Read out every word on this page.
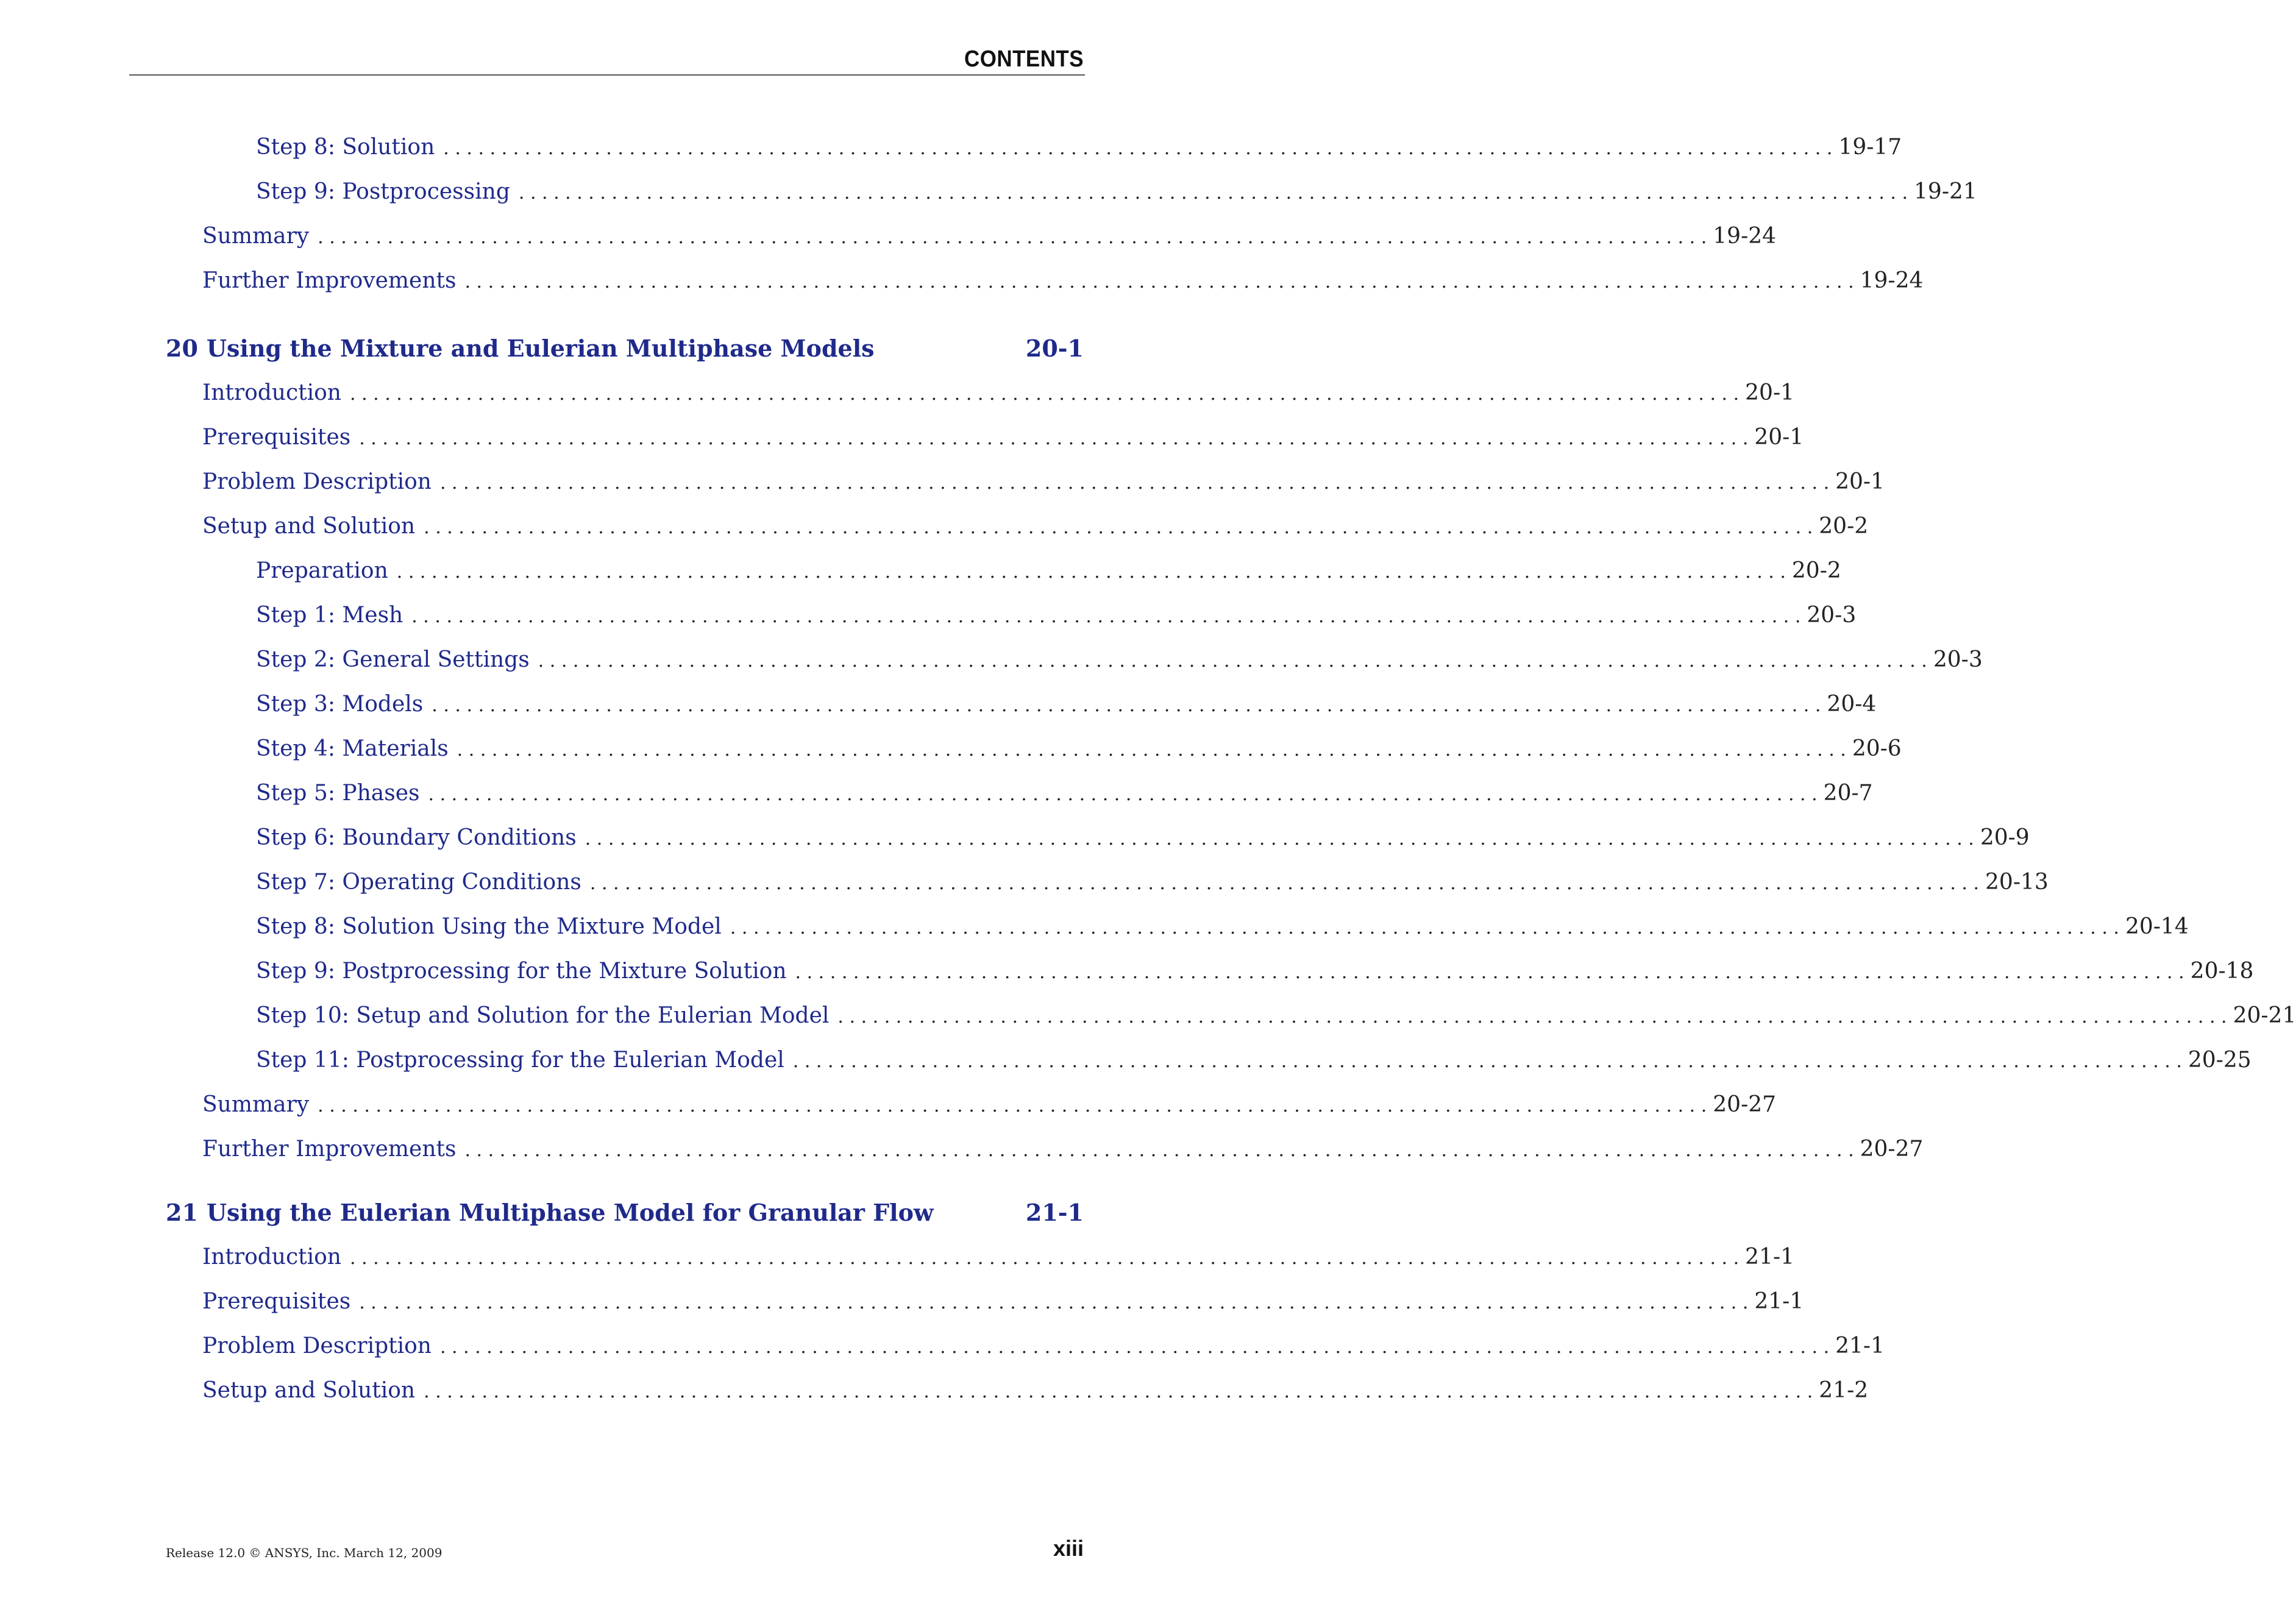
CONTENTS
Step 8: Solution . . . . . . . . . . . . . . . . . . . . . . . . . . . . . . . . . . . . . . . . . . . . . . . . . . . . . . . . . . . . . . . . . . . . . . . . . . . . . . . . . . . . . . . . . . . . . . . . . . . . . . . . . . . . . . . . . . . . . . . . 19-17
Step 9: Postprocessing . . . . . . . . . . . . . . . . . . . . . . . . . . . . . . . . . . . . . . . . . . . . . . . . . . . . . . . . . . . . . . . . . . . . . . . . . . . . . . . . . . . . . . . . . . . . . . . . . . . . . . . . . . . . . . . . . . . . . . . . 19-21
Summary . . . . . . . . . . . . . . . . . . . . . . . . . . . . . . . . . . . . . . . . . . . . . . . . . . . . . . . . . . . . . . . . . . . . . . . . . . . . . . . . . . . . . . . . . . . . . . . . . . . . . . . . . . . . . . . . . . . . . . . . 19-24
Further Improvements . . . . . . . . . . . . . . . . . . . . . . . . . . . . . . . . . . . . . . . . . . . . . . . . . . . . . . . . . . . . . . . . . . . . . . . . . . . . . . . . . . . . . . . . . . . . . . . . . . . . . . . . . . . . . . . . . . . . . . . . 19-24
20 Using the Mixture and Eulerian Multiphase Models	20-1
Introduction . . . . . . . . . . . . . . . . . . . . . . . . . . . . . . . . . . . . . . . . . . . . . . . . . . . . . . . . . . . . . . . . . . . . . . . . . . . . . . . . . . . . . . . . . . . . . . . . . . . . . . . . . . . . . . . . . . . . . . . . 20-1
Prerequisites . . . . . . . . . . . . . . . . . . . . . . . . . . . . . . . . . . . . . . . . . . . . . . . . . . . . . . . . . . . . . . . . . . . . . . . . . . . . . . . . . . . . . . . . . . . . . . . . . . . . . . . . . . . . . . . . . . . . . . . . 20-1
Problem Description . . . . . . . . . . . . . . . . . . . . . . . . . . . . . . . . . . . . . . . . . . . . . . . . . . . . . . . . . . . . . . . . . . . . . . . . . . . . . . . . . . . . . . . . . . . . . . . . . . . . . . . . . . . . . . . . . . . . . . . . 20-1
Setup and Solution . . . . . . . . . . . . . . . . . . . . . . . . . . . . . . . . . . . . . . . . . . . . . . . . . . . . . . . . . . . . . . . . . . . . . . . . . . . . . . . . . . . . . . . . . . . . . . . . . . . . . . . . . . . . . . . . . . . . . . . . 20-2
Preparation . . . . . . . . . . . . . . . . . . . . . . . . . . . . . . . . . . . . . . . . . . . . . . . . . . . . . . . . . . . . . . . . . . . . . . . . . . . . . . . . . . . . . . . . . . . . . . . . . . . . . . . . . . . . . . . . . . . . . . . . 20-2
Step 1: Mesh . . . . . . . . . . . . . . . . . . . . . . . . . . . . . . . . . . . . . . . . . . . . . . . . . . . . . . . . . . . . . . . . . . . . . . . . . . . . . . . . . . . . . . . . . . . . . . . . . . . . . . . . . . . . . . . . . . . . . . . . 20-3
Step 2: General Settings . . . . . . . . . . . . . . . . . . . . . . . . . . . . . . . . . . . . . . . . . . . . . . . . . . . . . . . . . . . . . . . . . . . . . . . . . . . . . . . . . . . . . . . . . . . . . . . . . . . . . . . . . . . . . . . . . . . . . . . . 20-3
Step 3: Models . . . . . . . . . . . . . . . . . . . . . . . . . . . . . . . . . . . . . . . . . . . . . . . . . . . . . . . . . . . . . . . . . . . . . . . . . . . . . . . . . . . . . . . . . . . . . . . . . . . . . . . . . . . . . . . . . . . . . . . . 20-4
Step 4: Materials . . . . . . . . . . . . . . . . . . . . . . . . . . . . . . . . . . . . . . . . . . . . . . . . . . . . . . . . . . . . . . . . . . . . . . . . . . . . . . . . . . . . . . . . . . . . . . . . . . . . . . . . . . . . . . . . . . . . . . . . 20-6
Step 5: Phases . . . . . . . . . . . . . . . . . . . . . . . . . . . . . . . . . . . . . . . . . . . . . . . . . . . . . . . . . . . . . . . . . . . . . . . . . . . . . . . . . . . . . . . . . . . . . . . . . . . . . . . . . . . . . . . . . . . . . . . . 20-7
Step 6: Boundary Conditions . . . . . . . . . . . . . . . . . . . . . . . . . . . . . . . . . . . . . . . . . . . . . . . . . . . . . . . . . . . . . . . . . . . . . . . . . . . . . . . . . . . . . . . . . . . . . . . . . . . . . . . . . . . . . . . . . . . . . . . . 20-9
Step 7: Operating Conditions . . . . . . . . . . . . . . . . . . . . . . . . . . . . . . . . . . . . . . . . . . . . . . . . . . . . . . . . . . . . . . . . . . . . . . . . . . . . . . . . . . . . . . . . . . . . . . . . . . . . . . . . . . . . . . . . . . . . . . . . 20-13
Step 8: Solution Using the Mixture Model . . . . . . . . . . . . . . . . . . . . . . . . . . . . . . . . . . . . . . . . . . . . . . . . . . . . . . . . . . . . . . . . . . . . . . . . . . . . . . . . . . . . . . . . . . . . . . . . . . . . . . . . . . . . . . . . . . . . . . . . 20-14
Step 9: Postprocessing for the Mixture Solution . . . . . . . . . . . . . . . . . . . . . . . . . . . . . . . . . . . . . . . . . . . . . . . . . . . . . . . . . . . . . . . . . . . . . . . . . . . . . . . . . . . . . . . . . . . . . . . . . . . . . . . . . . . . . . . . . . . . . . . . 20-18
Step 10: Setup and Solution for the Eulerian Model . . . . . . . . . . . . . . . . . . . . . . . . . . . . . . . . . . . . . . . . . . . . . . . . . . . . . . . . . . . . . . . . . . . . . . . . . . . . . . . . . . . . . . . . . . . . . . . . . . . . . . . . . . . . . . . . . . . . . . . . 20-21
Step 11: Postprocessing for the Eulerian Model . . . . . . . . . . . . . . . . . . . . . . . . . . . . . . . . . . . . . . . . . . . . . . . . . . . . . . . . . . . . . . . . . . . . . . . . . . . . . . . . . . . . . . . . . . . . . . . . . . . . . . . . . . . . . . . . . . . . . . . . 20-25
Summary . . . . . . . . . . . . . . . . . . . . . . . . . . . . . . . . . . . . . . . . . . . . . . . . . . . . . . . . . . . . . . . . . . . . . . . . . . . . . . . . . . . . . . . . . . . . . . . . . . . . . . . . . . . . . . . . . . . . . . . . 20-27
Further Improvements . . . . . . . . . . . . . . . . . . . . . . . . . . . . . . . . . . . . . . . . . . . . . . . . . . . . . . . . . . . . . . . . . . . . . . . . . . . . . . . . . . . . . . . . . . . . . . . . . . . . . . . . . . . . . . . . . . . . . . . . 20-27
21 Using the Eulerian Multiphase Model for Granular Flow	21-1
Introduction . . . . . . . . . . . . . . . . . . . . . . . . . . . . . . . . . . . . . . . . . . . . . . . . . . . . . . . . . . . . . . . . . . . . . . . . . . . . . . . . . . . . . . . . . . . . . . . . . . . . . . . . . . . . . . . . . . . . . . . . 21-1
Prerequisites . . . . . . . . . . . . . . . . . . . . . . . . . . . . . . . . . . . . . . . . . . . . . . . . . . . . . . . . . . . . . . . . . . . . . . . . . . . . . . . . . . . . . . . . . . . . . . . . . . . . . . . . . . . . . . . . . . . . . . . . 21-1
Problem Description . . . . . . . . . . . . . . . . . . . . . . . . . . . . . . . . . . . . . . . . . . . . . . . . . . . . . . . . . . . . . . . . . . . . . . . . . . . . . . . . . . . . . . . . . . . . . . . . . . . . . . . . . . . . . . . . . . . . . . . . 21-1
Setup and Solution . . . . . . . . . . . . . . . . . . . . . . . . . . . . . . . . . . . . . . . . . . . . . . . . . . . . . . . . . . . . . . . . . . . . . . . . . . . . . . . . . . . . . . . . . . . . . . . . . . . . . . . . . . . . . . . . . . . . . . . . 21-2
Release 12.0 © ANSYS, Inc. March 12, 2009	xiii
